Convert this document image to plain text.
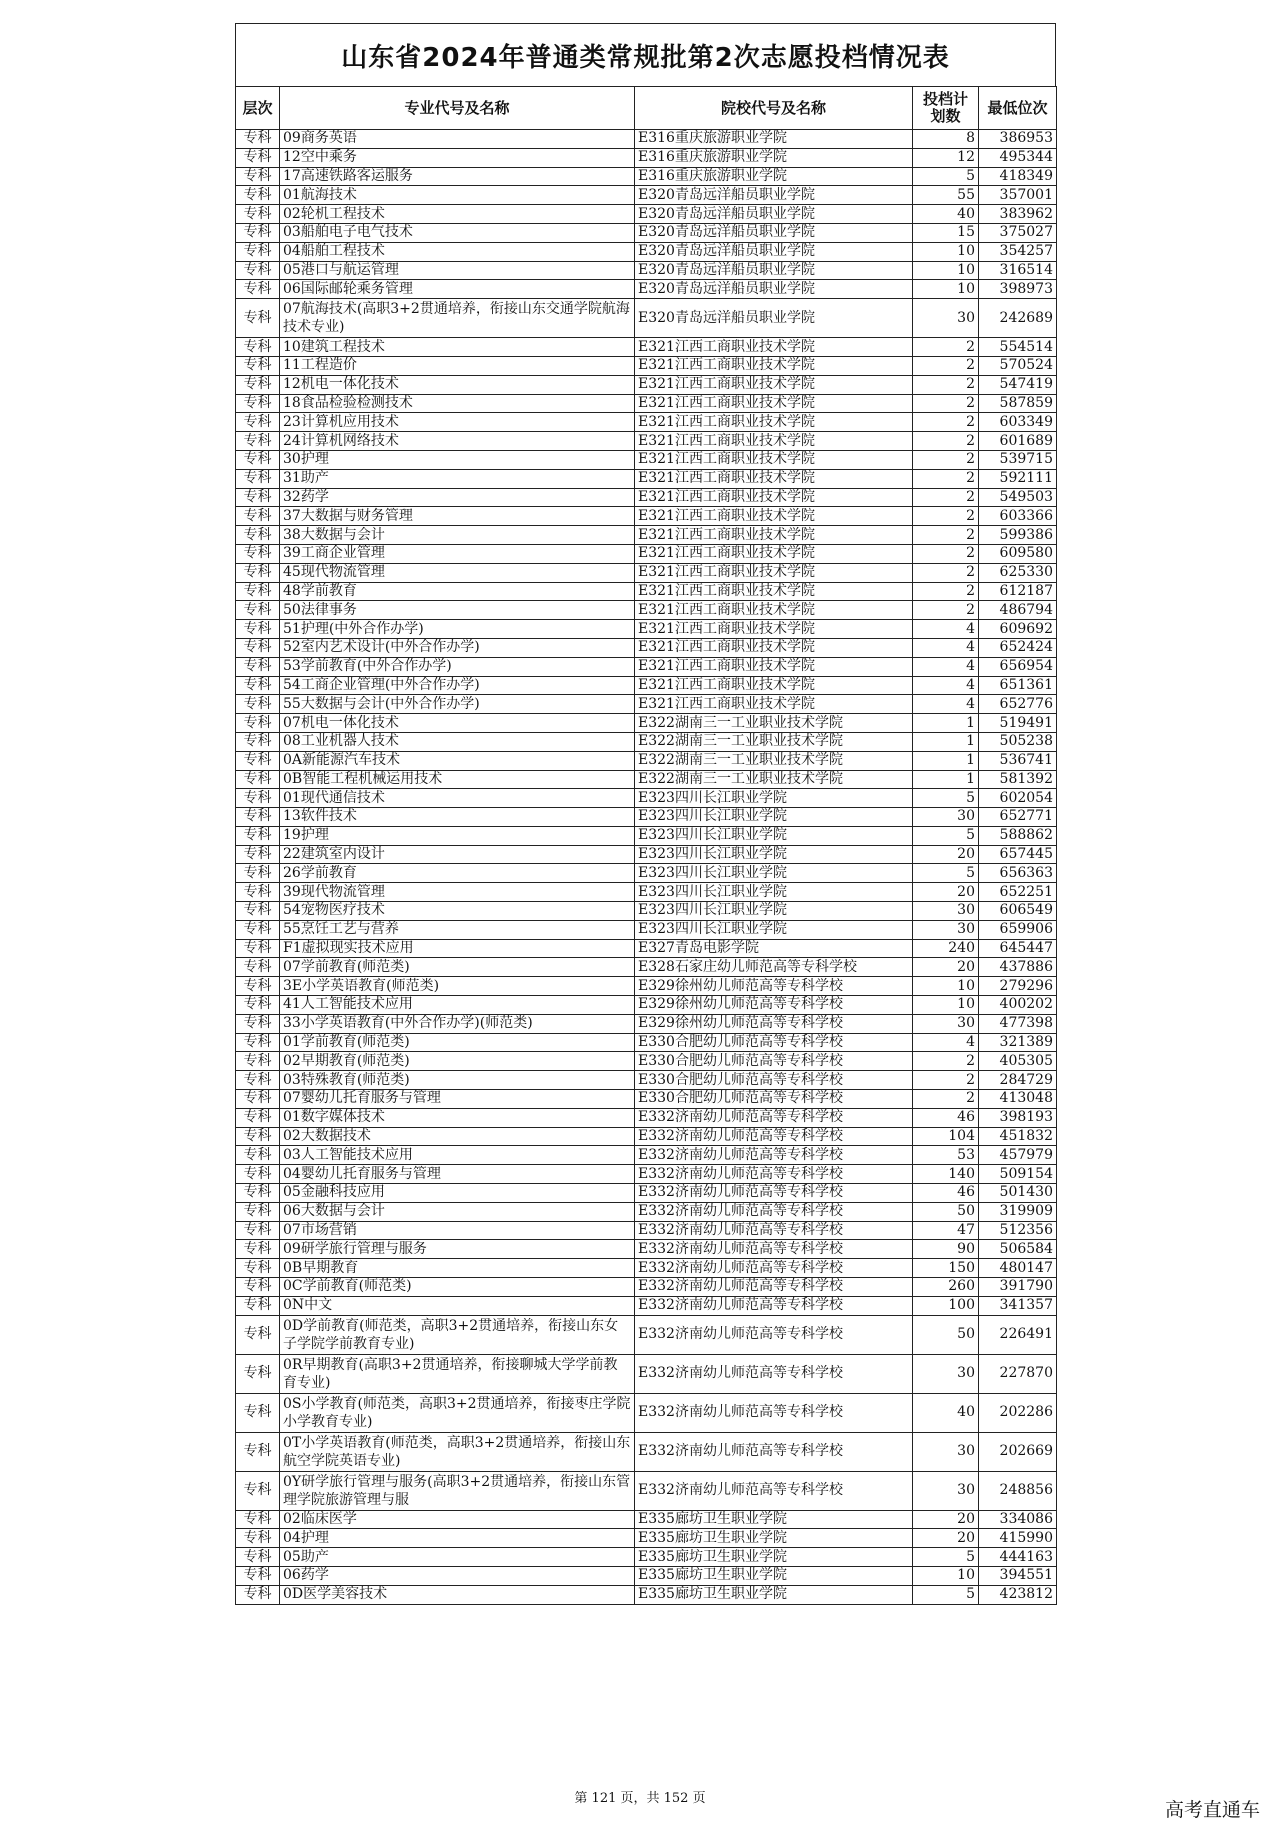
山东省2024年普通类常规批第2次志愿投档情况表
层次	专业代号及名称	院校代号及名称	投档计划数	最低位次
专科	09商务英语	E316重庆旅游职业学院	8	386953
专科	12空中乘务	E316重庆旅游职业学院	12	495344
专科	17高速铁路客运服务	E316重庆旅游职业学院	5	418349
专科	01航海技术	E320青岛远洋船员职业学院	55	357001
专科	02轮机工程技术	E320青岛远洋船员职业学院	40	383962
专科	03船舶电子电气技术	E320青岛远洋船员职业学院	15	375027
专科	04船舶工程技术	E320青岛远洋船员职业学院	10	354257
专科	05港口与航运管理	E320青岛远洋船员职业学院	10	316514
专科	06国际邮轮乘务管理	E320青岛远洋船员职业学院	10	398973
专科	07航海技术(高职3+2贯通培养，衔接山东交通学院航海技术专业)	E320青岛远洋船员职业学院	30	242689
专科	10建筑工程技术	E321江西工商职业技术学院	2	554514
专科	11工程造价	E321江西工商职业技术学院	2	570524
专科	12机电一体化技术	E321江西工商职业技术学院	2	547419
专科	18食品检验检测技术	E321江西工商职业技术学院	2	587859
专科	23计算机应用技术	E321江西工商职业技术学院	2	603349
专科	24计算机网络技术	E321江西工商职业技术学院	2	601689
专科	30护理	E321江西工商职业技术学院	2	539715
专科	31助产	E321江西工商职业技术学院	2	592111
专科	32药学	E321江西工商职业技术学院	2	549503
专科	37大数据与财务管理	E321江西工商职业技术学院	2	603366
专科	38大数据与会计	E321江西工商职业技术学院	2	599386
专科	39工商企业管理	E321江西工商职业技术学院	2	609580
专科	45现代物流管理	E321江西工商职业技术学院	2	625330
专科	48学前教育	E321江西工商职业技术学院	2	612187
专科	50法律事务	E321江西工商职业技术学院	2	486794
专科	51护理(中外合作办学)	E321江西工商职业技术学院	4	609692
专科	52室内艺术设计(中外合作办学)	E321江西工商职业技术学院	4	652424
专科	53学前教育(中外合作办学)	E321江西工商职业技术学院	4	656954
专科	54工商企业管理(中外合作办学)	E321江西工商职业技术学院	4	651361
专科	55大数据与会计(中外合作办学)	E321江西工商职业技术学院	4	652776
专科	07机电一体化技术	E322湖南三一工业职业技术学院	1	519491
专科	08工业机器人技术	E322湖南三一工业职业技术学院	1	505238
专科	0A新能源汽车技术	E322湖南三一工业职业技术学院	1	536741
专科	0B智能工程机械运用技术	E322湖南三一工业职业技术学院	1	581392
专科	01现代通信技术	E323四川长江职业学院	5	602054
专科	13软件技术	E323四川长江职业学院	30	652771
专科	19护理	E323四川长江职业学院	5	588862
专科	22建筑室内设计	E323四川长江职业学院	20	657445
专科	26学前教育	E323四川长江职业学院	5	656363
专科	39现代物流管理	E323四川长江职业学院	20	652251
专科	54宠物医疗技术	E323四川长江职业学院	30	606549
专科	55烹饪工艺与营养	E323四川长江职业学院	30	659906
专科	F1虚拟现实技术应用	E327青岛电影学院	240	645447
专科	07学前教育(师范类)	E328石家庄幼儿师范高等专科学校	20	437886
专科	3E小学英语教育(师范类)	E329徐州幼儿师范高等专科学校	10	279296
专科	41人工智能技术应用	E329徐州幼儿师范高等专科学校	10	400202
专科	33小学英语教育(中外合作办学)(师范类)	E329徐州幼儿师范高等专科学校	30	477398
专科	01学前教育(师范类)	E330合肥幼儿师范高等专科学校	4	321389
专科	02早期教育(师范类)	E330合肥幼儿师范高等专科学校	2	405305
专科	03特殊教育(师范类)	E330合肥幼儿师范高等专科学校	2	284729
专科	07婴幼儿托育服务与管理	E330合肥幼儿师范高等专科学校	2	413048
专科	01数字媒体技术	E332济南幼儿师范高等专科学校	46	398193
专科	02大数据技术	E332济南幼儿师范高等专科学校	104	451832
专科	03人工智能技术应用	E332济南幼儿师范高等专科学校	53	457979
专科	04婴幼儿托育服务与管理	E332济南幼儿师范高等专科学校	140	509154
专科	05金融科技应用	E332济南幼儿师范高等专科学校	46	501430
专科	06大数据与会计	E332济南幼儿师范高等专科学校	50	319909
专科	07市场营销	E332济南幼儿师范高等专科学校	47	512356
专科	09研学旅行管理与服务	E332济南幼儿师范高等专科学校	90	506584
专科	0B早期教育	E332济南幼儿师范高等专科学校	150	480147
专科	0C学前教育(师范类)	E332济南幼儿师范高等专科学校	260	391790
专科	0N中文	E332济南幼儿师范高等专科学校	100	341357
专科	0D学前教育(师范类，高职3+2贯通培养，衔接山东女子学院学前教育专业)	E332济南幼儿师范高等专科学校	50	226491
专科	0R早期教育(高职3+2贯通培养，衔接聊城大学学前教育专业)	E332济南幼儿师范高等专科学校	30	227870
专科	0S小学教育(师范类，高职3+2贯通培养，衔接枣庄学院小学教育专业)	E332济南幼儿师范高等专科学校	40	202286
专科	0T小学英语教育(师范类，高职3+2贯通培养，衔接山东航空学院英语专业)	E332济南幼儿师范高等专科学校	30	202669
专科	0Y研学旅行管理与服务(高职3+2贯通培养，衔接山东管理学院旅游管理与服	E332济南幼儿师范高等专科学校	30	248856
专科	02临床医学	E335廊坊卫生职业学院	20	334086
专科	04护理	E335廊坊卫生职业学院	20	415990
专科	05助产	E335廊坊卫生职业学院	5	444163
专科	06药学	E335廊坊卫生职业学院	10	394551
专科	0D医学美容技术	E335廊坊卫生职业学院	5	423812
第 121 页，共 152 页
高考直通车
